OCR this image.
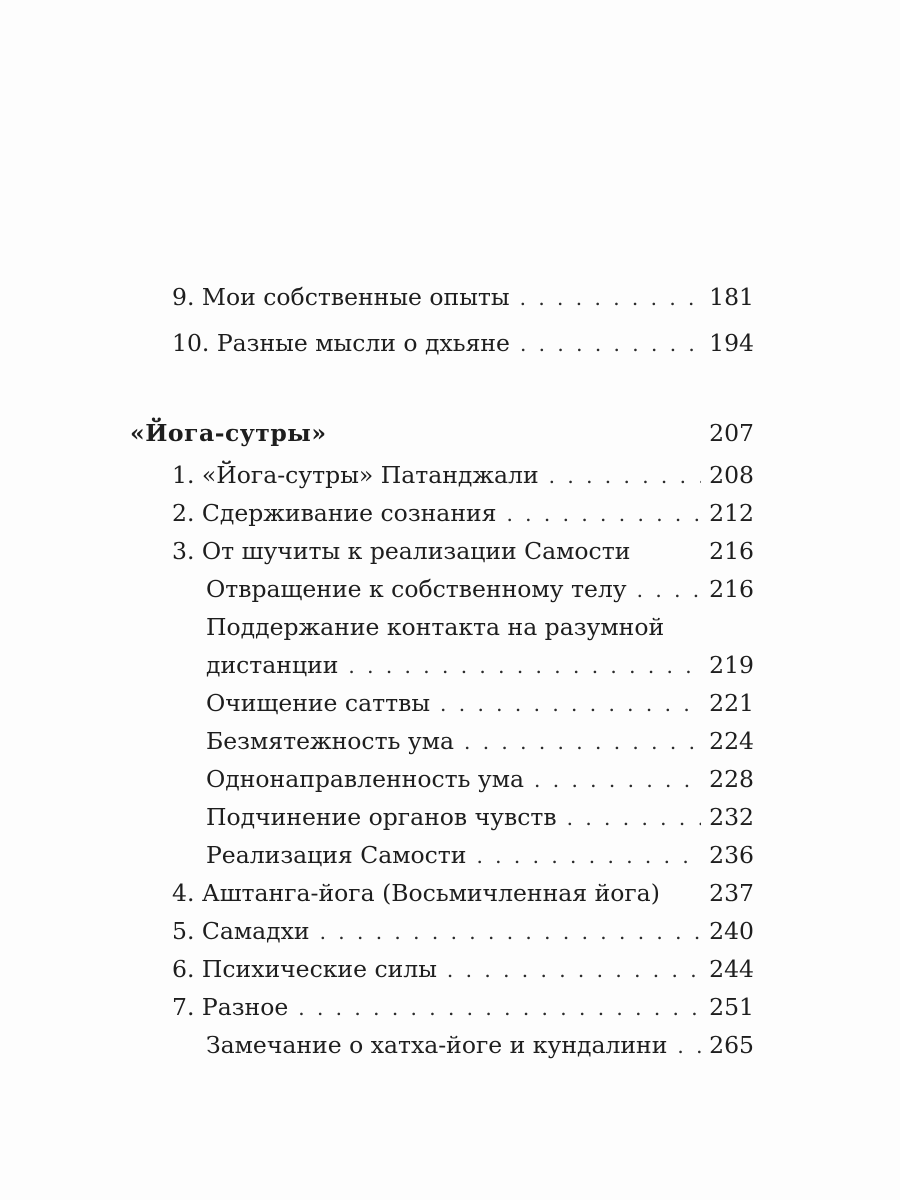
9. Мои собственные опыты . . .	181
10. Разные мысли о дхьяне . . .	194
«Йога-сутры»	207
1. «Йога-сутры» Патанджали . . .	208
2. Сдерживание сознания . . .	212
3. От шучиты к реализации Самости	216
Отвращение к собственному телу . . .	216
Поддержание контакта на разумной
дистанции . . .	219
Очищение саттвы . . .	221
Безмятежность ума . . .	224
Однонаправленность ума . . .	228
Подчинение органов чувств . . .	232
Реализация Самости . . .	236
4. Аштанга-йога (Восьмичленная йога) 237
5. Самадхи . . .	240
6. Психические силы . . .	244
7. Разное . . .	251
Замечание о хатха-йоге и кундалини . . . 265
